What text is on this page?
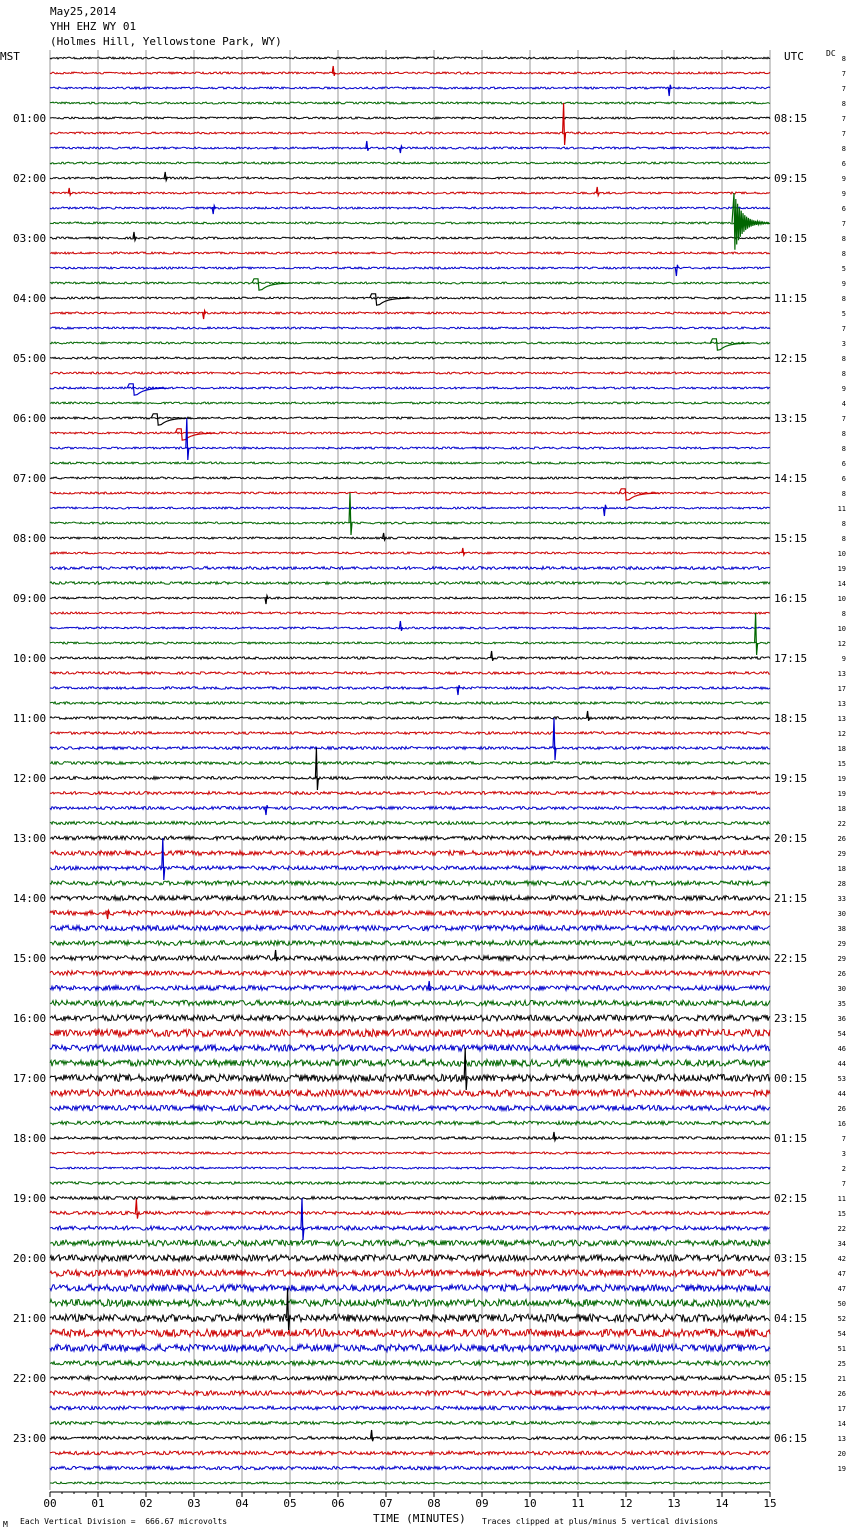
May25,2014
YHH EHZ WY 01
(Holmes Hill, Yellowstone Park, WY)
MST	UTC	DC
01:00
02:00
03:00
04:00
05:00
06:00
07:00
08:00
09:00
10:00
11:00
12:00
13:00
14:00
15:00
16:00
17:00
18:00
19:00
20:00
21:00
22:00
23:00
08:15
09:15
10:15
11:15
12:15
13:15
14:15
15:15
16:15
17:15
18:15
19:15
20:15
21:15
22:15
23:15
00:15
01:15
02:15
03:15
04:15
05:15
06:15
8
7
7
8
7
7
8
6
9
9
6
7
8
8
5
9
8
5
7
3
8
8
9
4
7
8
8
6
6
8
11
8
8
10
19
14
10
8
10
12
9
13
17
13
13
12
18
15
19
19
18
22
26
29
18
28
33
30
38
29
29
26
30
35
36
54
46
44
53
44
26
16
7
3
2
7
11
15
22
34
42
47
47
50
52
54
51
25
21
26
17
14
13
20
19
00	01	02	03	04	05	06	07	08	09	10	11	12	13	14	15
TIME (MINUTES)
M Each Vertical Division =  666.67 microvolts	Traces clipped at plus/minus 5 vertical divisions
